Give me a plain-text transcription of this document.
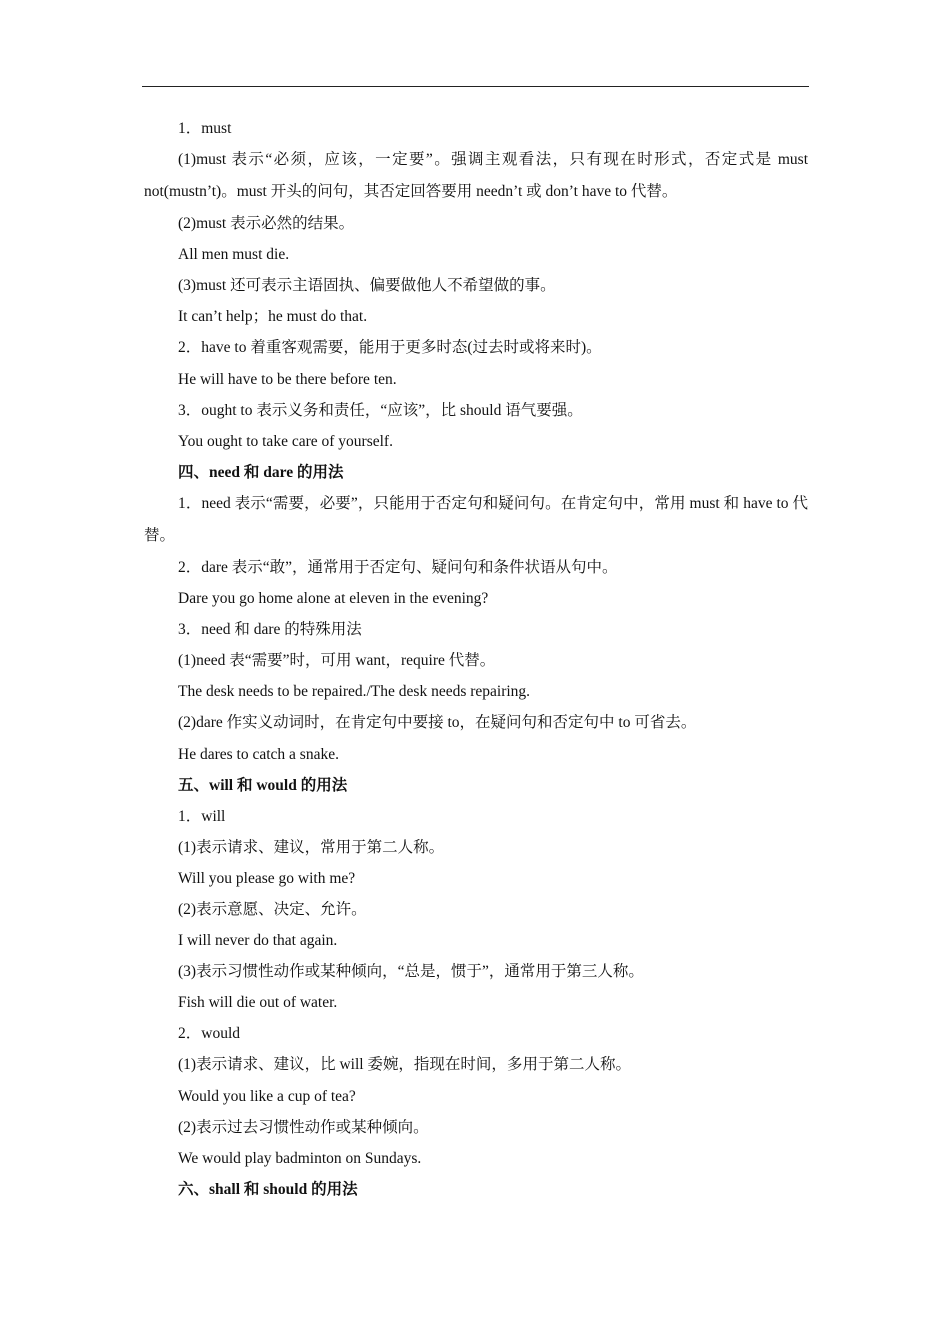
1．must

(1)must 表示“必须，应该，一定要”。强调主观看法，只有现在时形式，否定式是 must not(mustn’t)。must 开头的问句，其否定回答要用 needn’t 或 don’t have to 代替。

(2)must 表示必然的结果。
All men must die.
(3)must 还可表示主语固执、偏要做他人不希望做的事。
It can’t help；he must do that.
2．have to 着重客观需要，能用于更多时态(过去时或将来时)。
He will have to be there before ten.
3．ought to 表示义务和责任，“应该”，比 should 语气要强。
You ought to take care of yourself.
四、need 和 dare 的用法

1．need 表示“需要，必要”，只能用于否定句和疑问句。在肯定句中，常用 must 和 have to 代替。

2．dare 表示“敢”，通常用于否定句、疑问句和条件状语从句中。
Dare you go home alone at eleven in the evening?
3．need 和 dare 的特殊用法
(1)need 表“需要”时，可用 want，require 代替。
The desk needs to be repaired./The desk needs repairing.
(2)dare 作实义动词时，在肯定句中要接 to，在疑问句和否定句中 to 可省去。
He dares to catch a snake.
五、will 和 would 的用法
1．will
(1)表示请求、建议，常用于第二人称。
Will you please go with me?
(2)表示意愿、决定、允许。
I will never do that again.
(3)表示习惯性动作或某种倾向，“总是，惯于”，通常用于第三人称。
Fish will die out of water.
2．would
(1)表示请求、建议，比 will 委婉，指现在时间，多用于第二人称。
Would you like a cup of tea?
(2)表示过去习惯性动作或某种倾向。
We would play badminton on Sundays.
六、shall 和 should 的用法
